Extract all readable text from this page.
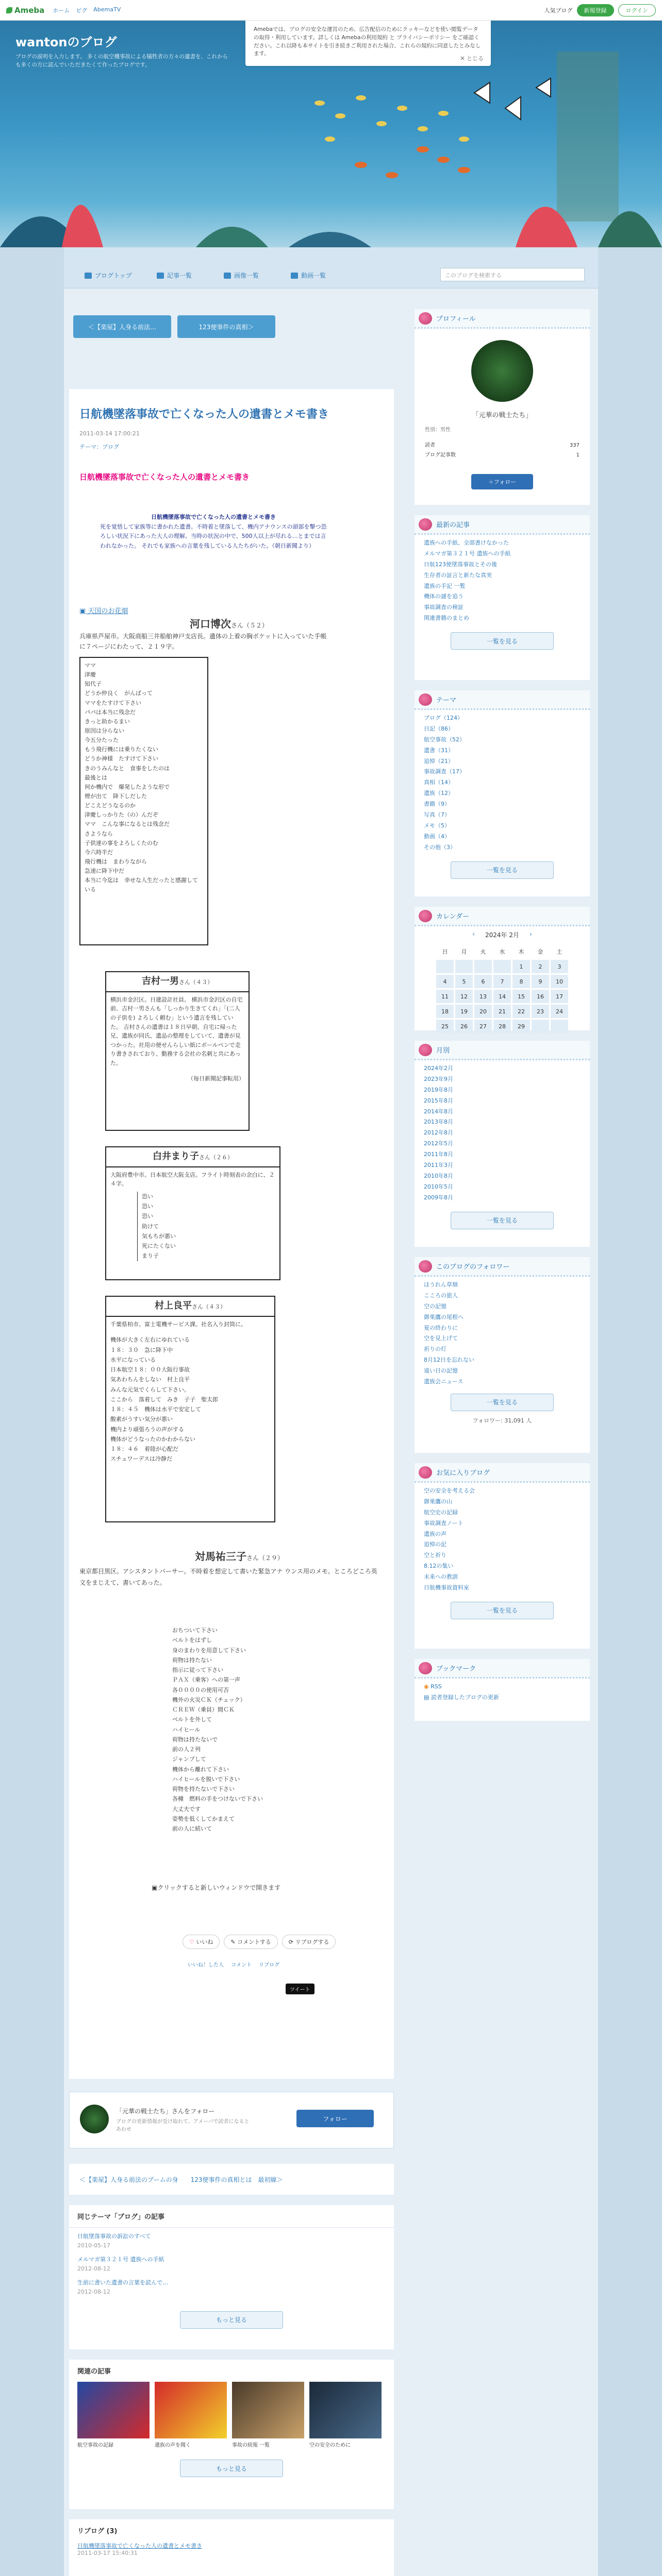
Ameba ホーム ピグ AbemaTV	人気ブログ	新規登録	ログイン
Amebaでは、ブログの安全な運営のため、広告配信のためにクッキーなどを使い閲覧データの取得・利用しています。詳しくは Amebaの利用規約 と プライバシーポリシー をご確認ください。これ以降も本サイトを引き続きご利用された場合、これらの規約に同意したとみなします。
✕ とじる
wantonのブログ
ブログの説明を入力します。 多くの航空機事故による犠牲者の方々の遺書を、これからも多くの方に読んでいただきたくて作ったブログです。
ブログトップ	記事一覧	画像一覧	動画一覧	このブログを検索する
＜【楽屋】人身る前法…	123便事件の真相＞
日航機墜落事故で亡くなった人の遺書とメモ書き
2011-03-14 17:00:21
テーマ：ブログ
日航機墜落事故で亡くなった人の遺書とメモ書き
日航機墜落事故で亡くなった人の遺書とメモ書き
死を覚悟して家族等に書かれた遺書。不時着と墜落して、機内アナウンスの頭部を撃つ恐ろしい状況下にあった大人の理解。当時の状況の中で、500人以上が尽れる…とまでは言われなかった。 それでも家族への言葉を残している人たちがいた。（朝日新聞より）
▣ 天国のお花畑
河口博次さん（５２）
兵庫県芦屋市。大阪商船三井船舶神戸支店長。遺体の上着の胸ポケットに入っていた手帳に７ページにわたって、２１９字。
ママ
津慶
知代子
どうか仲良く　がんばって
ママをたすけて下さい
パパは本当に残念だ
きっと助かるまい
原因は分らない
今五分たった
もう飛行機には乗りたくない
どうか神様　たすけて下さい
きのうみんなと　食事をしたのは
最後とは
何か機内で　爆発したような形で
煙が出て　降下しだした
どこえどうなるのか
津慶しっかりた（の）んだぞ
ママ　こんな事になるとは残念だ
さようなら
子供達の事をよろしくたのむ
今六時半だ
飛行機は　まわりながら
急速に降下中だ
本当に今迄は　幸せな人生だったと感謝している
吉村一男さん（４３）
横浜市金沢区。日建設計社員。 横浜市金沢区の自宅前、吉村一男さんも「しっかり生きてくれ」「(二人の子供を) よろしく頼む」という遺言を残していた。 吉村さんの遺書は１８日早朝、自宅に帰った兄、遺族が同氏、遺品の整理をしていて、遺書が見つかった。社用の便せんらしい紙にボールペンで走り書きされており、勤務する会社の名刺と共にあった。
（毎日新聞記事転用）
白井まり子さん（２６）
大阪府豊中市。日本航空大阪支店。フライト時刻表の余白に、２４字。
恐い
恐い
恐い
助けて
気もちが悪い
死にたくない
まり子
村上良平さん（４３）
千葉県柏市。富士電機サービス課。社名入り封筒に。
機体が大きく左右にゆれている
１８：３０　急に降下中
水平になっている
日本航空１８：００大阪行事故
気あわちんをしない　村上良平
みんな元気でくらして下さい。
ここから　落着して　みき　子子　聖太郎
１８：４５　機体は水平で安定して
酸素がうすい気分が悪い
機内より頑張ろうの声がする
機体がどうなったのかわからない
１８：４６　着陸が心配だ
スチュワーデスは冷静だ
対馬祐三子さん（２９）
東京都目黒区。アシスタントパーサー。不時着を想定して書いた緊急アナ ウンス用のメモ。ところどころ英文をまじえて、書いてあった。
おちついて下さい
ベルトをはずし
身のまわりを用意して下さい
荷物は持たない
指示に従って下さい
ＰＡＸ（乗客）への第一声
各００００の使用可否
機外の火災ＣＫ（チェック）
ＣＲＥＷ（乗員）間ＣＫ
ベルトを外して
ハイヒール
荷物は持たないで
前の人２列
ジャンプして
機体から離れて下さい
ハイヒールを脱いで下さい
荷物を持たないで下さい
各種　燃料の手をつけないで下さい
大丈夫です
姿勢を低くしてかまえて
前の人に続いて
▣クリックすると新しいウィンドウで開きます
♡ いいね	✎ コメントする	⟳ リブログする
いいね！した人 コメント リブログ
ツイート
「元華の戦士たち」さんをフォロー
ブログの更新情報が受け取れて、アメーバで読者になるとあわせ
フォロー
＜【楽屋】人身る前法のブームの身 123便事件の真相とは　最初線＞
同じテーマ「ブログ」の記事
日航墜落事故の訴訟のすべて
2010-05-17
メルマガ第３２１号 遺族への手紙
2012-08-12
生前に書いた遺書の言葉を読んで…
2012-08-12
もっと見る
関連の記事
航空事故の記録	遺族の声を聞く	事故の続報 一覧	空の安全のために
もっと見る
リブログ (3)
日航機墜落事故で亡くなった人の遺書とメモ書き
2011-03-17 15:40:31
プロフィール
「元華の戦士たち」
性別：男性
読者	337
ブログ記事数	1
＋フォロー
最新の記事
遺族への手紙、全部書けなかった
メルマガ第３２１号 遺族への手紙
日航123便墜落事故とその後
生存者の証言と新たな真実
遺族の手記 一覧
機体の謎を追う
事故調査の検証
関連書籍のまとめ
一覧を見る
テーマ
ブログ（124）
日記（86）
航空事故（52）
遺書（31）
追悼（21）
事故調査（17）
真相（14）
遺族（12）
書籍（9）
写真（7）
メモ（5）
動画（4）
その他（3）
一覧を見る
カレンダー
‹ 2024年 2月 ›
日	月	火	水	木	金	土
				1	2	3
4	5	6	7	8	9	10
11	12	13	14	15	16	17
18	19	20	21	22	23	24
25	26	27	28	29		
月別
2024年2月
2023年9月
2019年8月
2015年8月
2014年8月
2013年8月
2012年8月
2012年5月
2011年8月
2011年3月
2010年8月
2010年5月
2009年8月
一覧を見る
このブログのフォロワー
ほうれん草畑
こころの旅人
空の記憶
御巣鷹の尾根へ
夏の終わりに
空を見上げて
祈りの灯
8月12日を忘れない
遠い日の記憶
遺族会ニュース
一覧を見る
フォロワー: 31,091 人
お気に入りブログ
空の安全を考える会
御巣鷹の山
航空史の記録
事故調査ノート
遺族の声
追悼の記
空と祈り
8.12の集い
未来への教訓
日航機事故資料室
一覧を見る
ブックマーク
◉ RSS
▤ 読者登録したブログの更新
